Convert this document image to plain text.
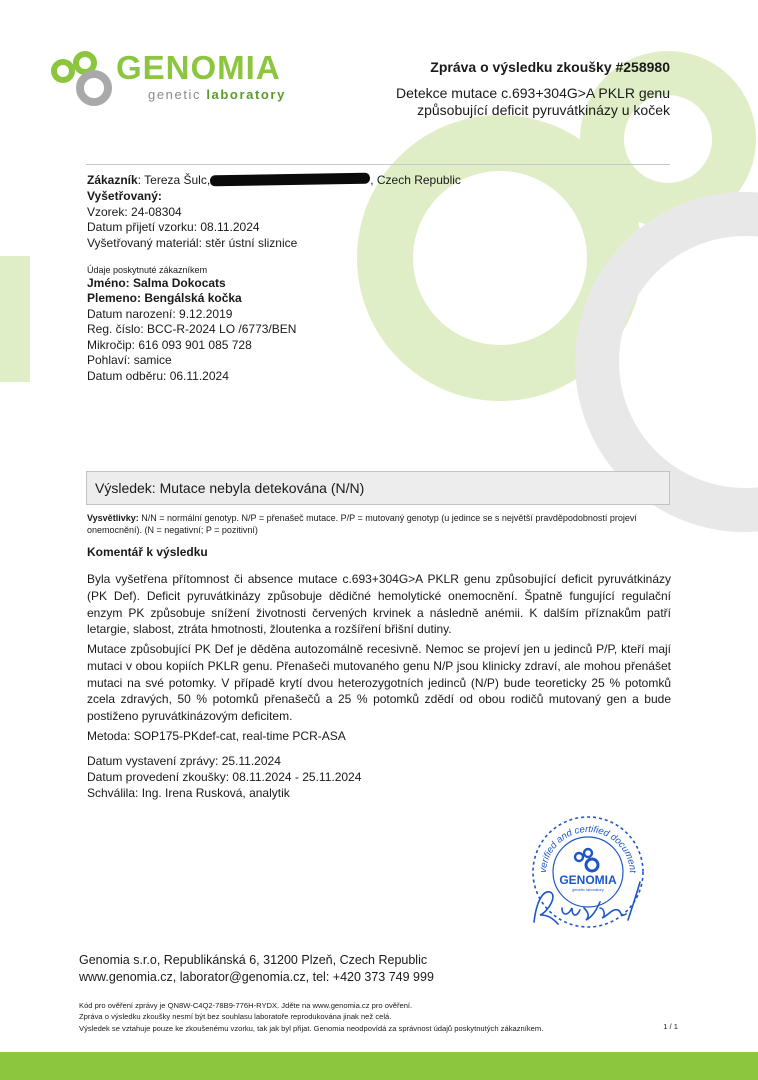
GENOMIA
genetic laboratory
Zpráva o výsledku zkoušky #258980
Detekce mutace c.693+304G>A PKLR genu způsobující deficit pyruvátkinázy u koček
Zákazník: Tereza Šulc,	, Czech Republic
Vyšetřovaný:
Vzorek: 24-08304
Datum přijetí vzorku: 08.11.2024
Vyšetřovaný materiál: stěr ústní sliznice
Údaje poskytnuté zákazníkem
Jméno: Salma Dokocats
Plemeno: Bengálská kočka
Datum narození: 9.12.2019
Reg. číslo: BCC-R-2024 LO /6773/BEN
Mikročip: 616 093 901 085 728
Pohlaví: samice
Datum odběru: 06.11.2024
Výsledek: Mutace nebyla detekována (N/N)
Vysvětlivky: N/N = normální genotyp. N/P = přenašeč mutace. P/P = mutovaný genotyp (u jedince se s největší pravděpodobností projeví onemocnění). (N = negativní; P = pozitivní)
Komentář k výsledku
Byla vyšetřena přítomnost či absence mutace c.693+304G>A PKLR genu způsobující deficit pyruvátkinázy (PK Def). Deficit pyruvátkinázy způsobuje dědičné hemolytické onemocnění. Špatně fungující regulační enzym PK způsobuje snížení životnosti červených krvinek a následně anémii. K dalším příznakům patří letargie, slabost, ztráta hmotnosti, žloutenka a rozšíření břišní dutiny.
Mutace způsobující PK Def je děděna autozomálně recesivně. Nemoc se projeví jen u jedinců P/P, kteří mají mutaci v obou kopiích PKLR genu. Přenašeči mutovaného genu N/P jsou klinicky zdraví, ale mohou přenášet mutaci na své potomky. V případě krytí dvou heterozygotních jedinců (N/P) bude teoreticky 25 % potomků zcela zdravých, 50 % potomků přenašečů a 25 % potomků zdědí od obou rodičů mutovaný gen a bude postiženo pyruvátkinázovým deficitem.
Metoda: SOP175-PKdef-cat, real-time PCR-ASA
Datum vystavení zprávy: 25.11.2024
Datum provedení zkoušky: 08.11.2024 - 25.11.2024
Schválila: Ing. Irena Rusková, analytik
verified and certified document
GENOMIA
genetic laboratory
Genomia s.r.o, Republikánská 6, 31200 Plzeň, Czech Republic
www.genomia.cz, laborator@genomia.cz, tel: +420 373 749 999
Kód pro ověření zprávy je QN8W-C4Q2-78B9-776H-RYDX. Jděte na www.genomia.cz pro ověření.
Zpráva o výsledku zkoušky nesmí být bez souhlasu laboratoře reprodukována jinak než celá.
Výsledek se vztahuje pouze ke zkoušenému vzorku, tak jak byl přijat. Genomia neodpovídá za správnost údajů poskytnutých zákazníkem.	1 / 1
